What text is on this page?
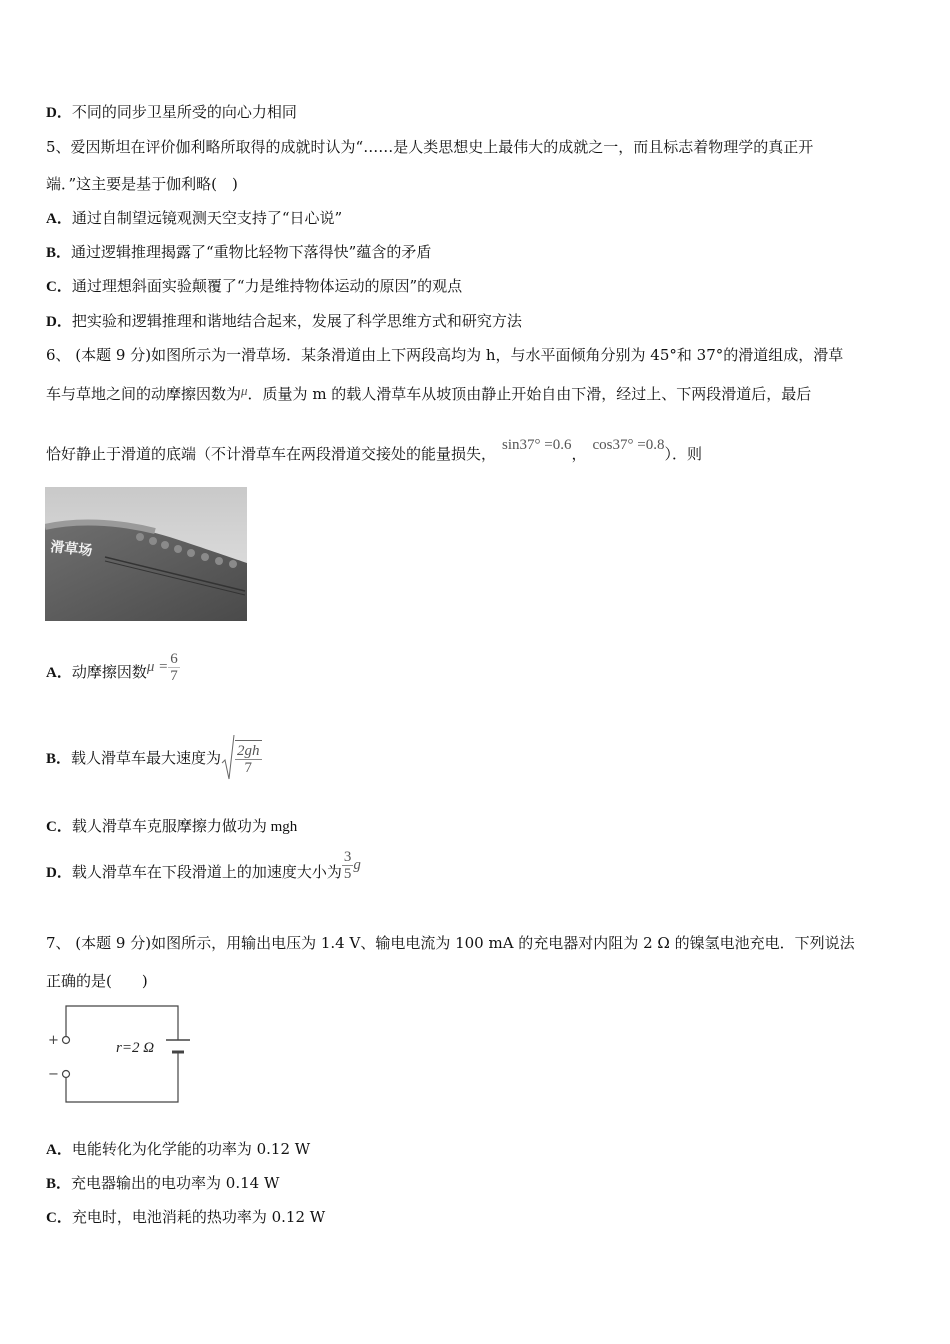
D．不同的同步卫星所受的向心力相同
5、爱因斯坦在评价伽利略所取得的成就时认为“……是人类思想史上最伟大的成就之一，而且标志着物理学的真正开
端．”这主要是基于伽利略(　)
A．通过自制望远镜观测天空支持了“日心说”
B．通过逻辑推理揭露了“重物比轻物下落得快”蕴含的矛盾
C．通过理想斜面实验颠覆了“力是维持物体运动的原因”的观点
D．把实验和逻辑推理和谐地结合起来，发展了科学思维方式和研究方法
6、 (本题 9 分)如图所示为一滑草场．某条滑道由上下两段高均为 h，与水平面倾角分别为 45°和 37°的滑道组成，滑草
车与草地之间的动摩擦因数为μ．质量为 m 的载人滑草车从坡顶由静止开始自由下滑，经过上、下两段滑道后，最后
恰好静止于滑道的底端（不计滑草车在两段滑道交接处的能量损失， sin37° =0.6， cos37° =0.8）．则
滑草场
A．动摩擦因数$\mu = \frac{6}{7}$
B．载人滑草车最大速度为 $\frac{2gh}{7}$
C．载人滑草车克服摩擦力做功为 mgh
D．载人滑草车在下段滑道上的加速度大小为 $\frac{3}{5}$ g
7、 (本题 9 分)如图所示，用输出电压为 1.4 V、输电电流为 100 mA 的充电器对内阻为 2 Ω 的镍氢电池充电．下列说法
正确的是(　　)
+
−
r=2 Ω
A．电能转化为化学能的功率为 0.12 W
B．充电器输出的电功率为 0.14 W
C．充电时，电池消耗的热功率为 0.12 W
